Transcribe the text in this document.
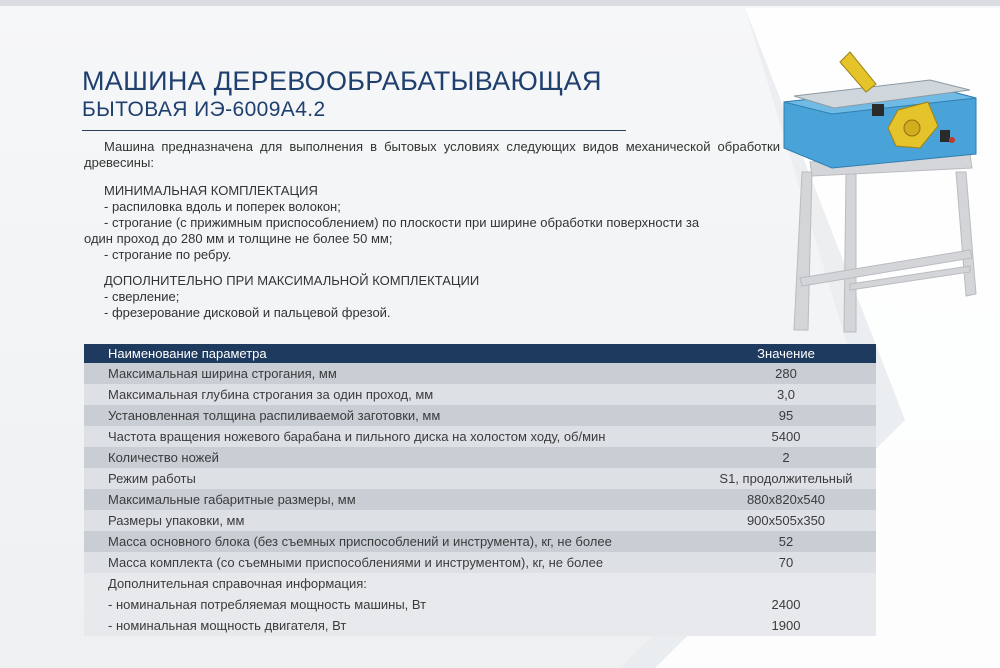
МАШИНА ДЕРЕВООБРАБАТЫВАЮЩАЯ
БЫТОВАЯ ИЭ-6009А4.2
Машина предназначена для выполнения в бытовых условиях следующих видов механической обработки древесины:
МИНИМАЛЬНАЯ КОМПЛЕКТАЦИЯ
- распиловка вдоль и поперек волокон;
- строгание (с прижимным приспособлением) по плоскости при ширине обработки поверхности за
один проход до 280 мм и толщине не более 50 мм;
- строгание по ребру.
ДОПОЛНИТЕЛЬНО ПРИ МАКСИМАЛЬНОЙ КОМПЛЕКТАЦИИ
- сверление;
- фрезерование дисковой и пальцевой фрезой.
Наименование параметра	Значение
Максимальная ширина строгания, мм	280
Максимальная глубина строгания за один проход, мм	3,0
Установленная толщина распиливаемой заготовки, мм	95
Частота вращения ножевого барабана и пильного диска на холостом ходу, об/мин	5400
Количество ножей	2
Режим работы	S1, продолжительный
Максимальные габаритные размеры, мм	880x820x540
Размеры упаковки, мм	900x505x350
Масса основного блока (без съемных приспособлений и инструмента), кг, не более	52
Масса комплекта (со съемными приспособлениями и инструментом), кг, не более	70
Дополнительная справочная информация:	
- номинальная потребляемая мощность машины, Вт	2400
- номинальная мощность двигателя, Вт	1900
